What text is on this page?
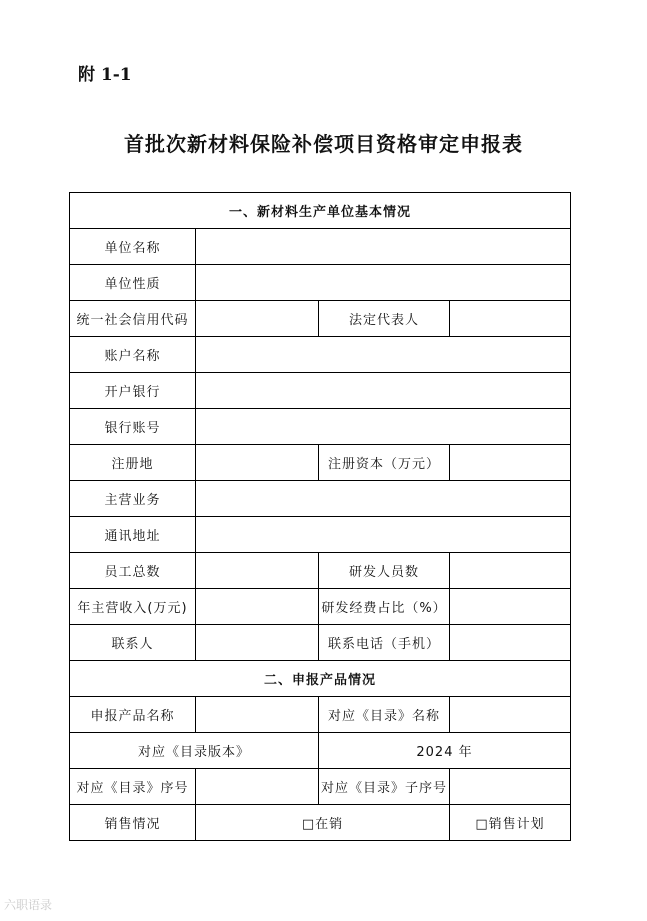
附 1-1
首批次新材料保险补偿项目资格审定申报表
一、新材料生产单位基本情况			
单位名称			
单位性质			
统一社会信用代码		法定代表人	
账户名称			
开户银行			
银行账号			
注册地		注册资本（万元）	
主营业务			
通讯地址			
员工总数		研发人员数	
年主营收入(万元)		研发经费占比（%）	
联系人		联系电话（手机）	
二、申报产品情况			
申报产品名称		对应《目录》名称	
对应《目录版本》		2024 年	
对应《目录》序号		对应《目录》子序号	
销售情况	□在销		□销售计划
六职语录
